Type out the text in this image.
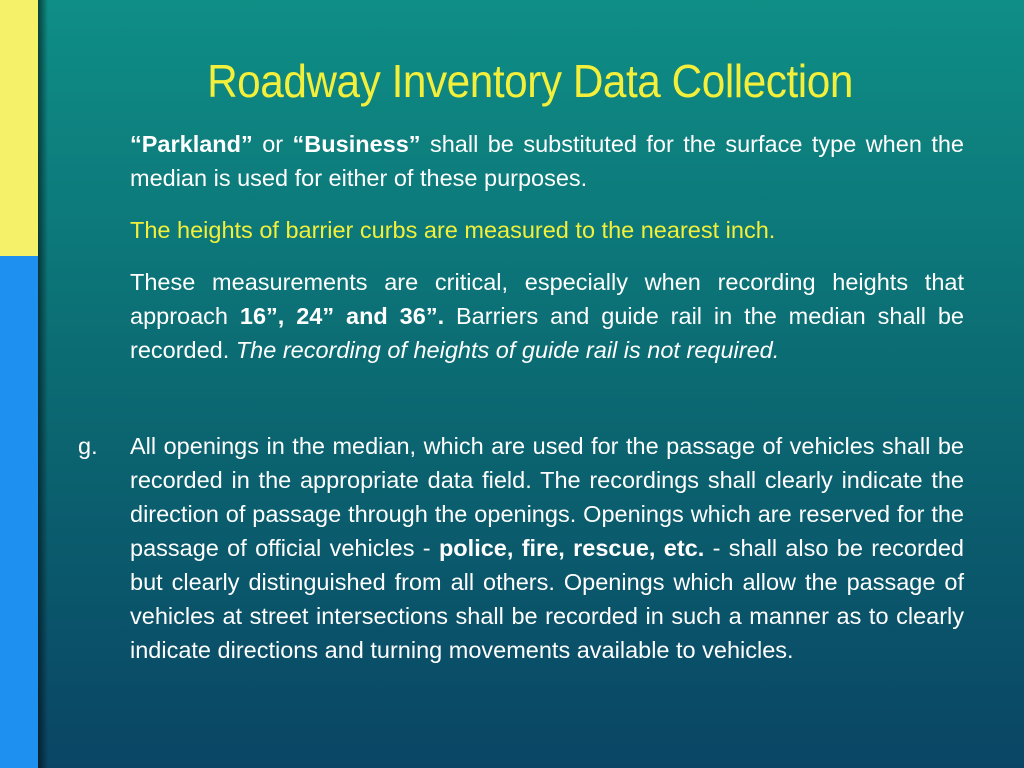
Roadway Inventory Data Collection

“Parkland” or “Business” shall be substituted for the surface type when the median is used for either of these purposes.

The heights of barrier curbs are measured to the nearest inch.

These measurements are critical, especially when recording heights that approach 16”, 24” and 36”. Barriers and guide rail in the median shall be recorded. The recording of heights of guide rail is not required.

g.	All openings in the median, which are used for the passage of vehicles shall be recorded in the appropriate data field. The recordings shall clearly indicate the direction of passage through the openings. Openings which are reserved for the passage of official vehicles - police, fire, rescue, etc. - shall also be recorded but clearly distinguished from all others. Openings which allow the passage of vehicles at street intersections shall be recorded in such a manner as to clearly indicate directions and turning movements available to vehicles.
